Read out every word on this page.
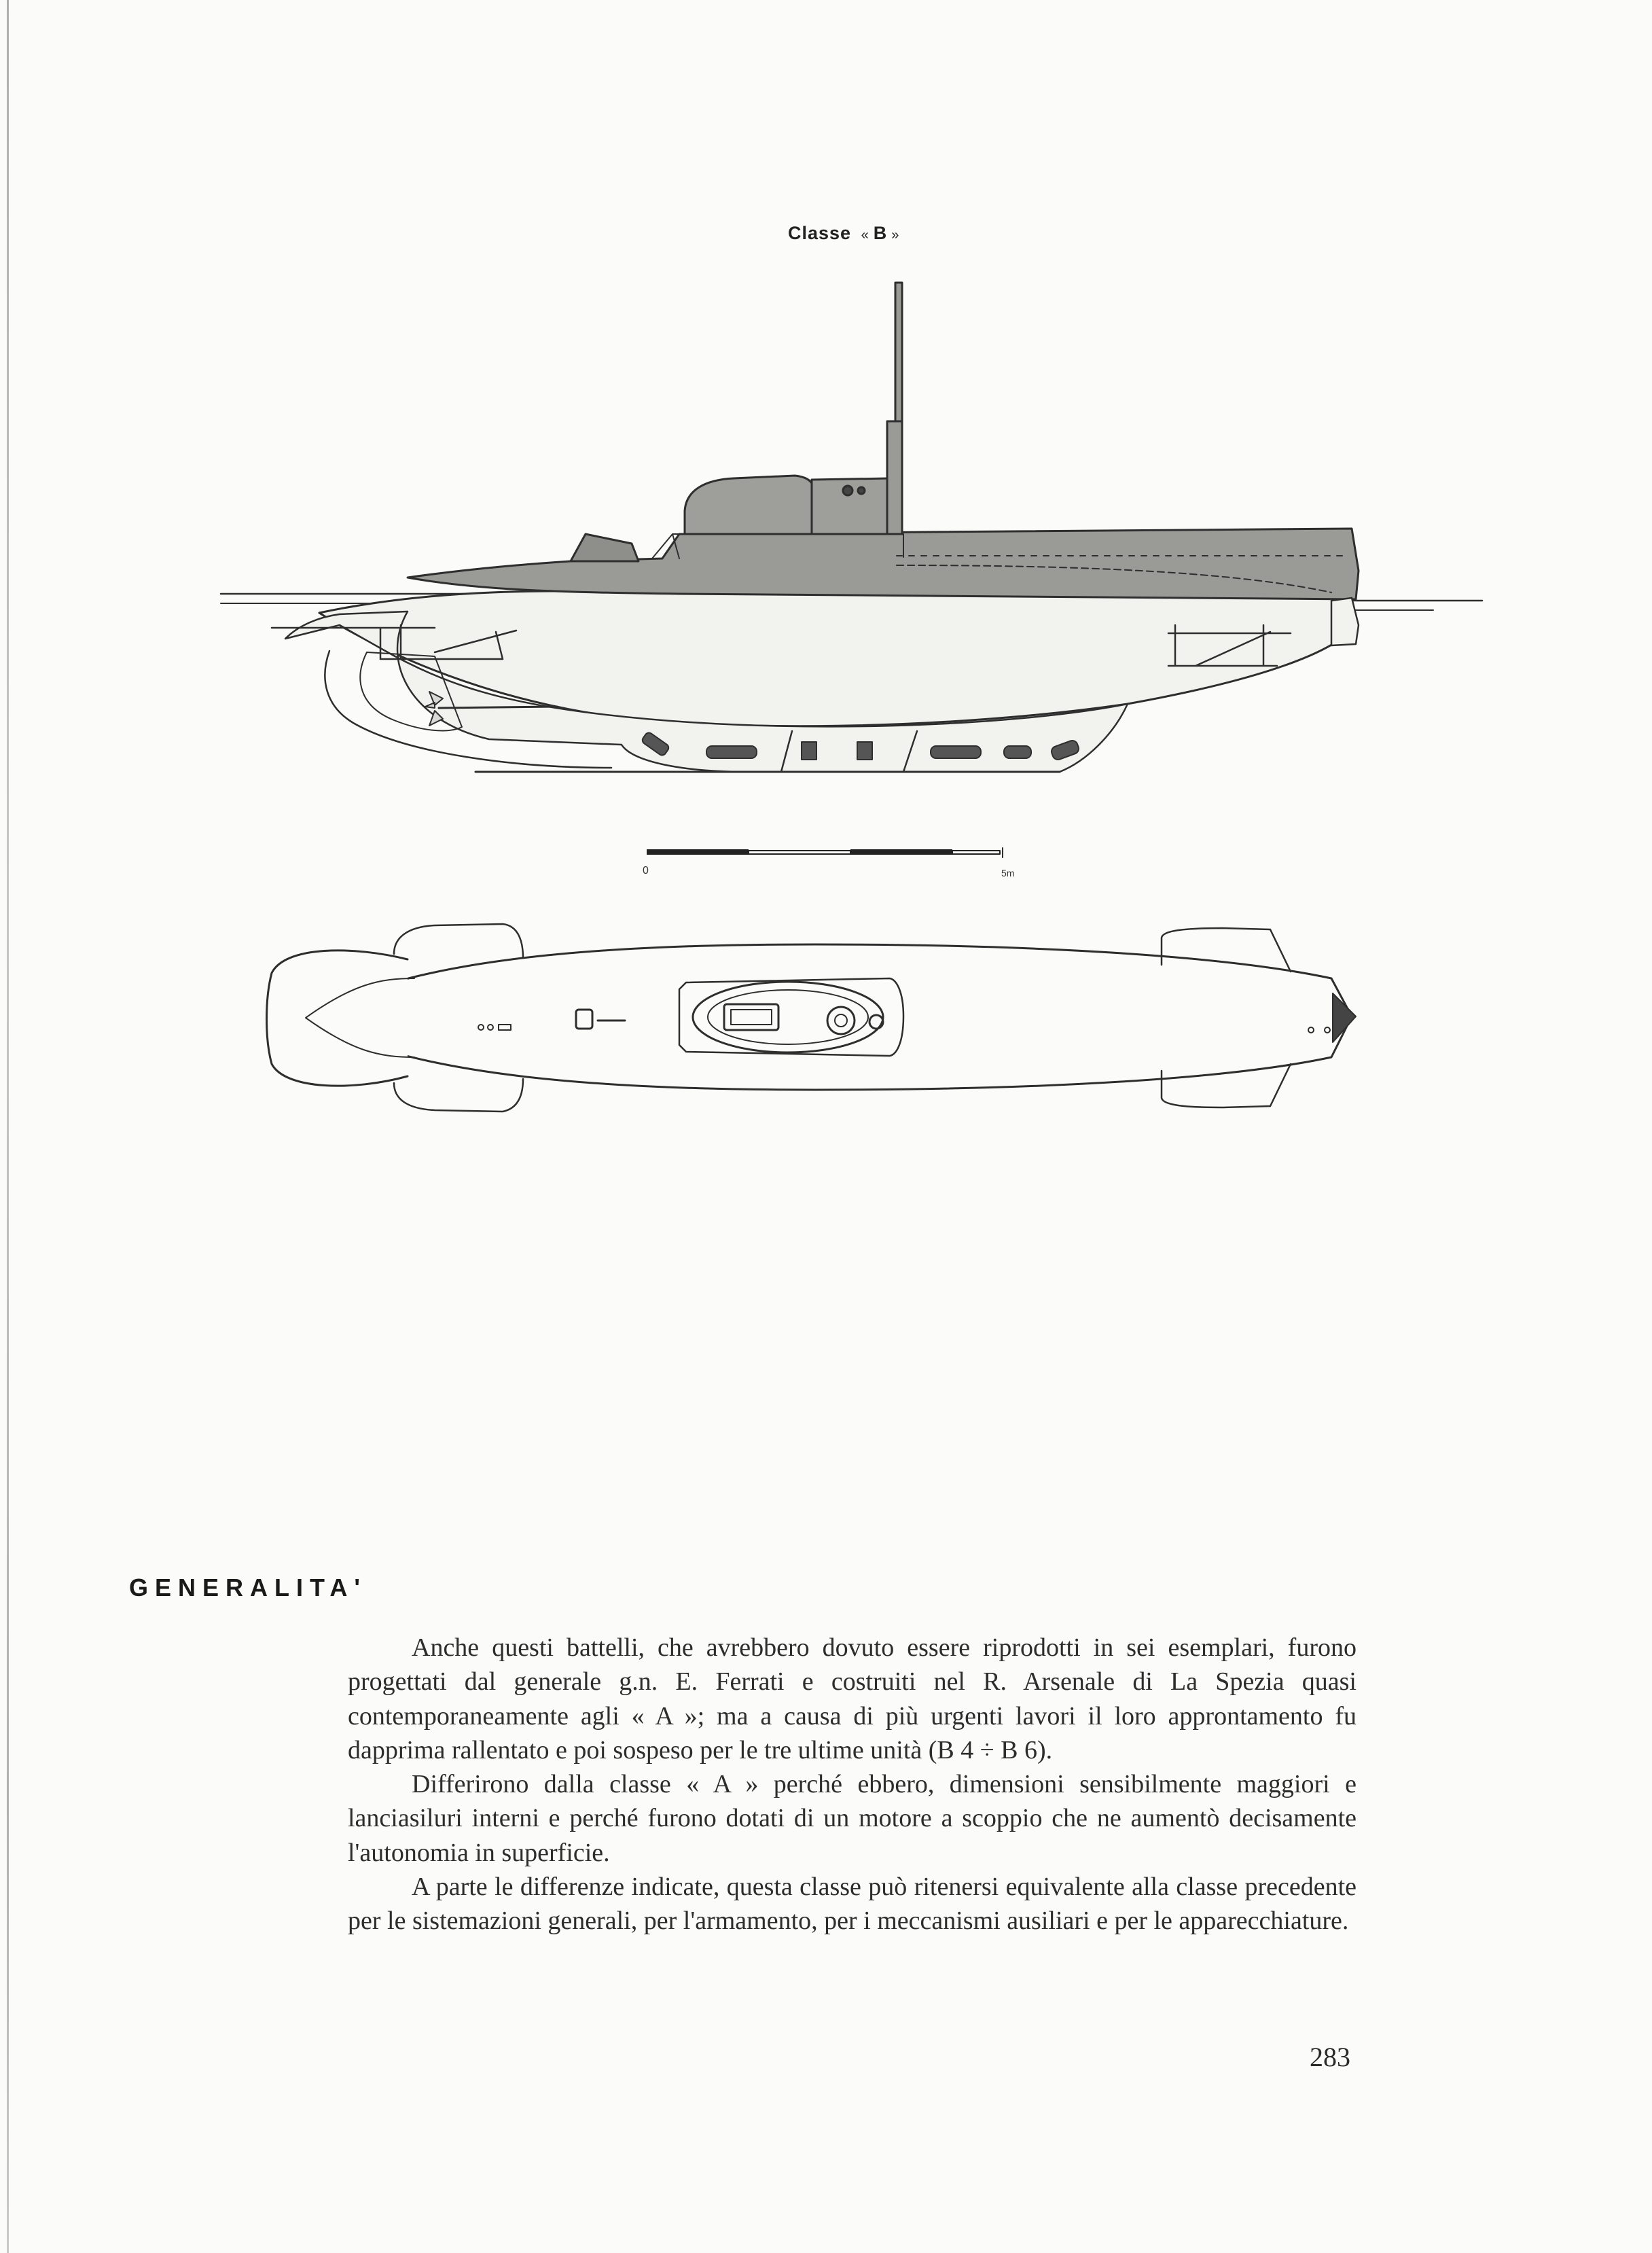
Classe « B »
0	5m
GENERALITA'

Anche questi battelli, che avrebbero dovuto essere riprodotti in sei esemplari, furono progettati dal generale g.n. E. Ferrati e costruiti nel R. Arsenale di La Spezia quasi contemporaneamente agli « A »; ma a causa di più urgenti lavori il loro approntamento fu dapprima rallentato e poi sospeso per le tre ultime unità (B 4 ÷ B 6).

Differirono dalla classe « A » perché ebbero, dimensioni sensibilmente maggiori e lanciasiluri interni e perché furono dotati di un motore a scoppio che ne aumentò decisamente l'autonomia in superficie.

A parte le differenze indicate, questa classe può ritenersi equivalente alla classe precedente per le sistemazioni generali, per l'armamento, per i meccanismi ausiliari e per le apparecchiature.

283
